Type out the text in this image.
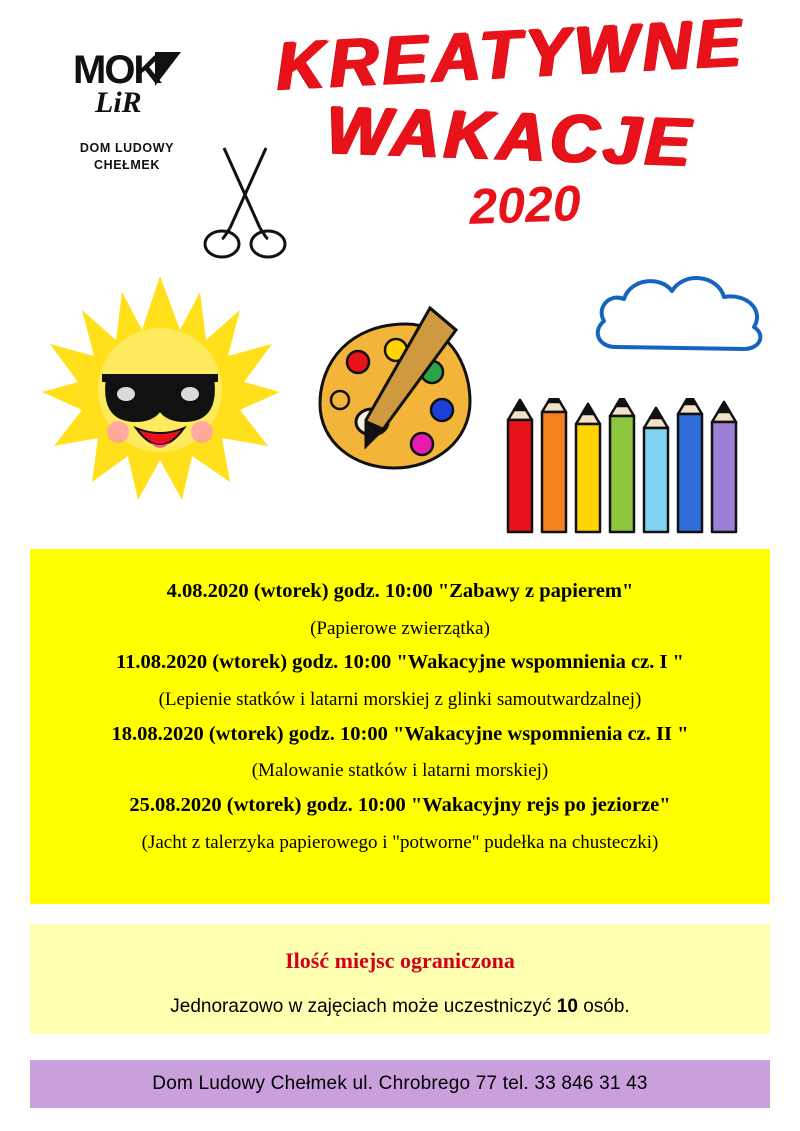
MOK
LiR
DOM LUDOWY
CHEŁMEK
KREATYWNE
WAKACJE
2020

4.08.2020 (wtorek) godz. 10:00 "Zabawy z papierem"

(Papierowe zwierzątka)

11.08.2020 (wtorek) godz. 10:00 "Wakacyjne wspomnienia cz. I "

(Lepienie statków i latarni morskiej z glinki samoutwardzalnej)

18.08.2020 (wtorek) godz. 10:00 "Wakacyjne wspomnienia cz. II "

(Malowanie statków i latarni morskiej)

25.08.2020 (wtorek) godz. 10:00 "Wakacyjny rejs po jeziorze"

(Jacht z talerzyka papierowego i "potworne" pudełka na chusteczki)

Ilość miejsc ograniczona

Jednorazowo w zajęciach może uczestniczyć 10 osób.

Dom Ludowy Chełmek ul. Chrobrego 77 tel. 33 846 31 43
